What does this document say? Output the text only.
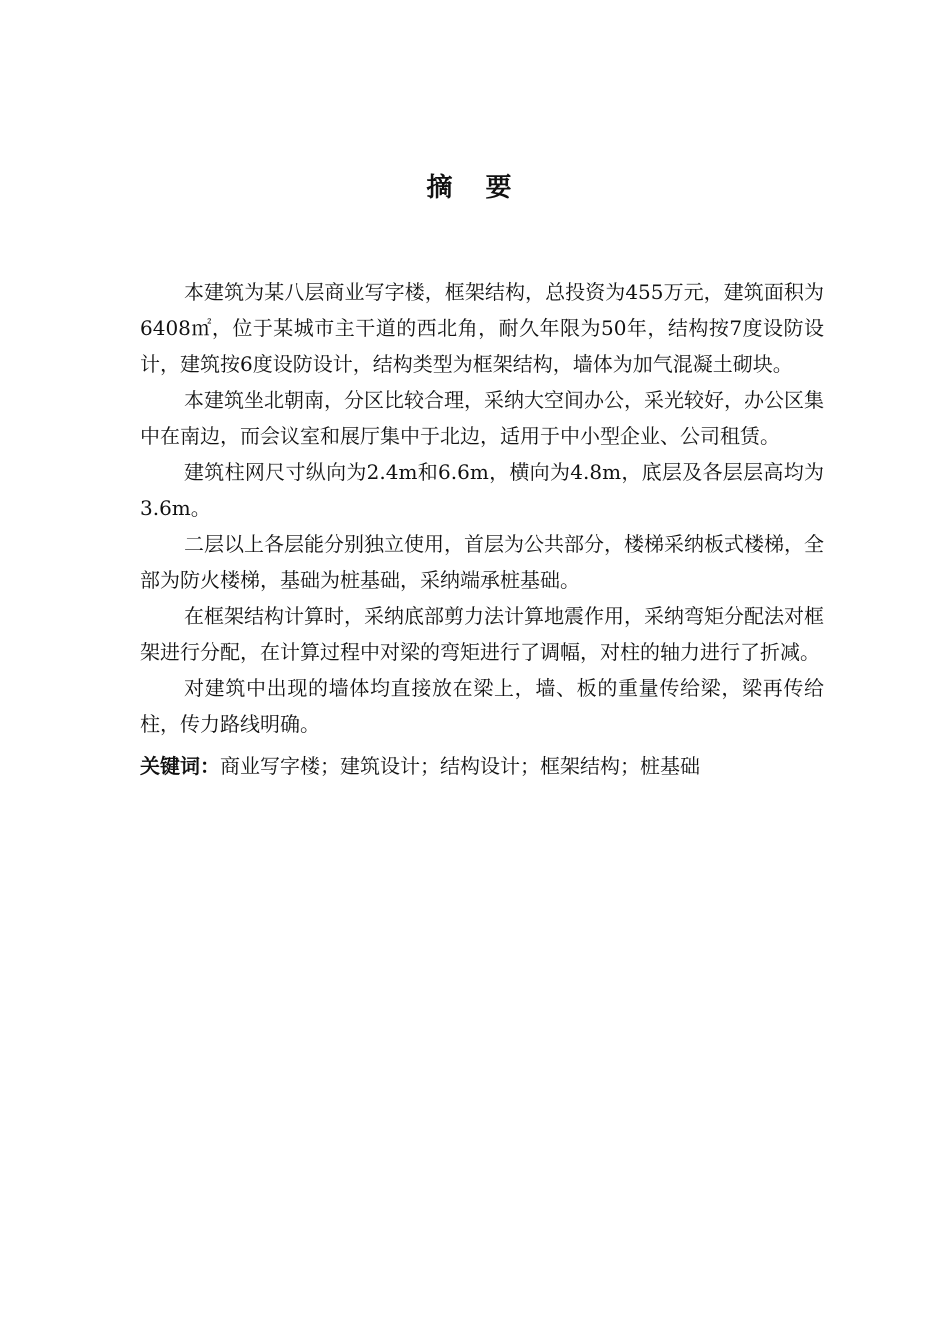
摘 要

本建筑为某八层商业写字楼，框架结构，总投资为455万元，建筑面积为6408㎡，位于某城市主干道的西北角，耐久年限为50年，结构按7度设防设计，建筑按6度设防设计，结构类型为框架结构，墙体为加气混凝土砌块。

本建筑坐北朝南，分区比较合理，采纳大空间办公，采光较好，办公区集中在南边，而会议室和展厅集中于北边，适用于中小型企业、公司租赁。

建筑柱网尺寸纵向为2.4m和6.6m，横向为4.8m，底层及各层层高均为3.6m。

二层以上各层能分别独立使用，首层为公共部分，楼梯采纳板式楼梯，全部为防火楼梯，基础为桩基础，采纳端承桩基础。

在框架结构计算时，采纳底部剪力法计算地震作用，采纳弯矩分配法对框架进行分配，在计算过程中对梁的弯矩进行了调幅，对柱的轴力进行了折减。

对建筑中出现的墙体均直接放在梁上，墙、板的重量传给梁，梁再传给柱，传力路线明确。

关键词：商业写字楼；建筑设计；结构设计；框架结构；桩基础
